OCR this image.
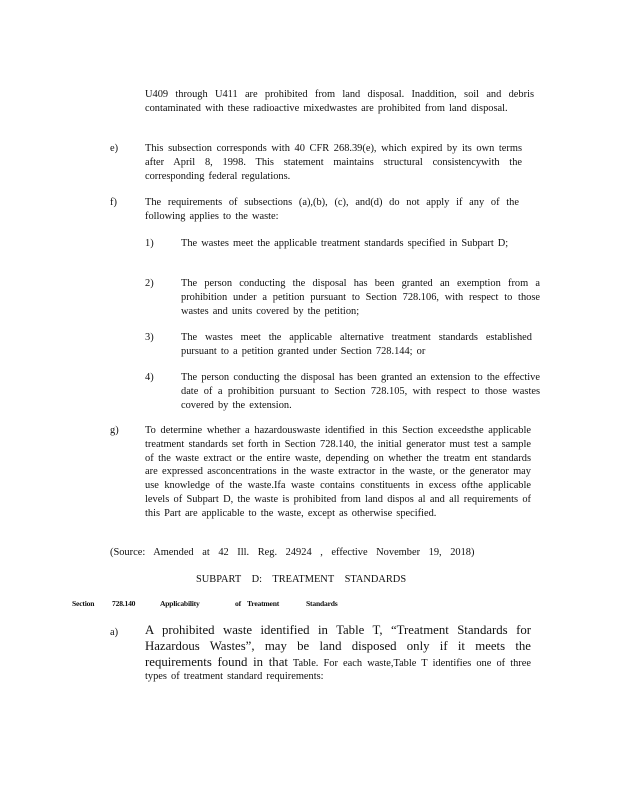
U409 through U411 are prohibited from land disposal. Inaddition, soil and debris contaminated with these radioactive mixedwastes are prohibited from land disposal.

e)	This subsection corresponds with 40 CFR 268.39(e), which expired by its own terms after April 8, 1998. This statement maintains structural consistencywith the corresponding federal regulations.

f)	The requirements of subsections (a),(b), (c), and(d) do not apply if any of the following applies to the waste:

1)	The wastes meet the applicable treatment standards specified in Subpart D;

2)	The person conducting the disposal has been granted an exemption from a prohibition under a petition pursuant to Section 728.106, with respect to those wastes and units covered by the petition;

3)	The wastes meet the applicable alternative treatment standards established pursuant to a petition granted under Section 728.144; or

4)	The person conducting the disposal has been granted an extension to the effective date of a prohibition pursuant to Section 728.105, with respect to those wastes covered by the extension.

g)	To determine whether a hazardouswaste identified in this Section exceedsthe applicable treatment standards set forth in Section 728.140, the initial generator must test a sample of the waste extract or the entire waste, depending on whether the treatm ent standards are expressed asconcentrations in the waste extractor in the waste, or the generator may use knowledge of the waste.Ifa waste contains constituents in excess ofthe applicable levels of Subpart D, the waste is prohibited from land dispos al and all requirements of this Part are applicable to the waste, except as otherwise specified.

(Source: Amended at 42 Ill. Reg. 24924 , effective November 19, 2018)

SUBPART D: TREATMENT STANDARDS

Section 728.140	Applicability	of Treatment	Standards

a) A prohibited waste identified in Table T, “Treatment Standards for Hazardous Wastes”, may be land disposed only if it meets the requirements found in that Table. For each waste,Table T identifies one of three types of treatment standard requirements:
